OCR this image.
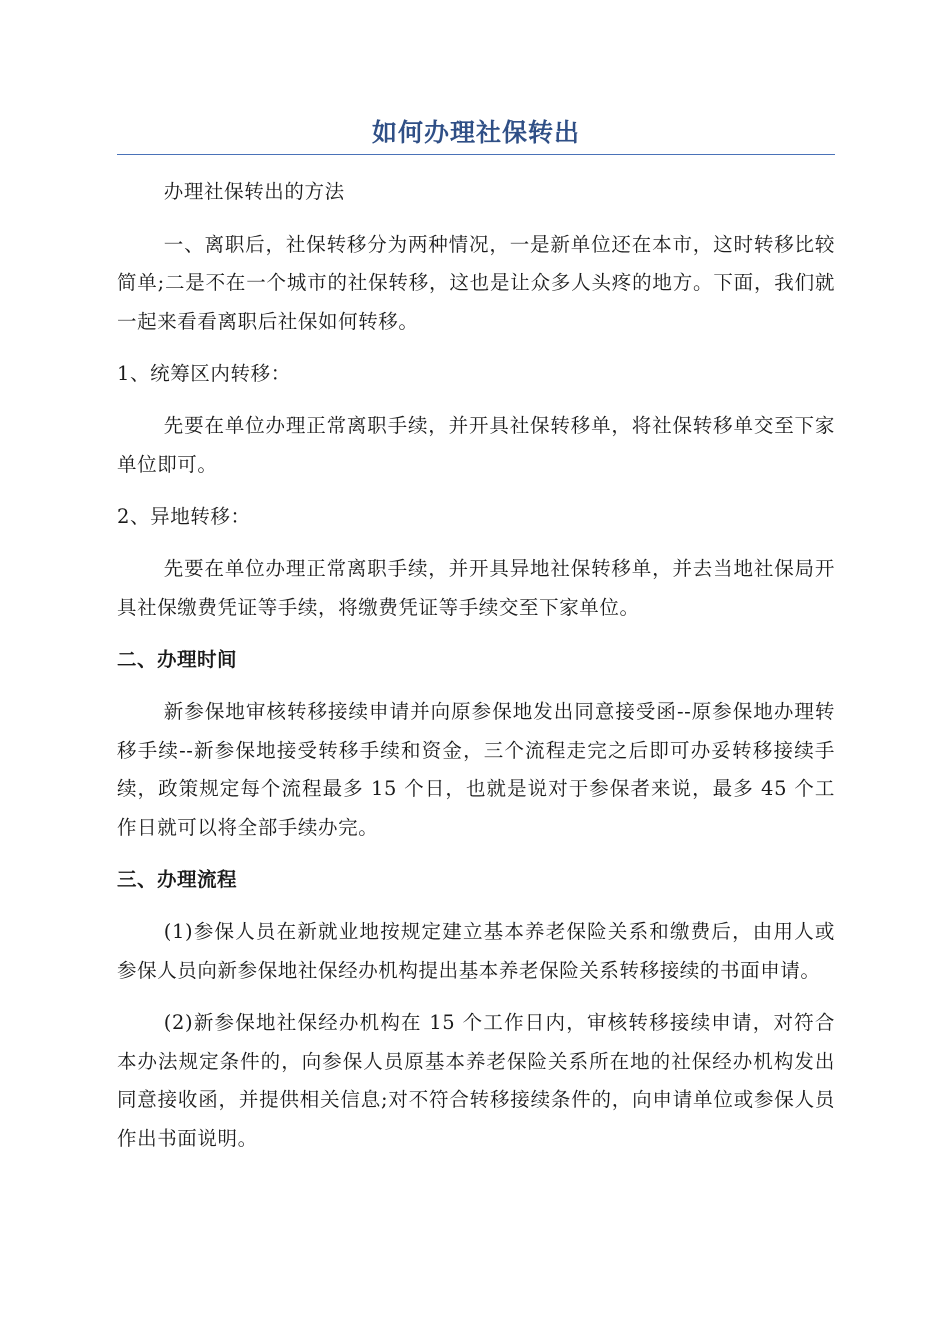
如何办理社保转出

办理社保转出的方法

一、离职后，社保转移分为两种情况，一是新单位还在本市，这时转移比较简单;二是不在一个城市的社保转移，这也是让众多人头疼的地方。下面，我们就一起来看看离职后社保如何转移。

1、统筹区内转移：

先要在单位办理正常离职手续，并开具社保转移单，将社保转移单交至下家单位即可。

2、异地转移：

先要在单位办理正常离职手续，并开具异地社保转移单，并去当地社保局开具社保缴费凭证等手续，将缴费凭证等手续交至下家单位。

二、办理时间

新参保地审核转移接续申请并向原参保地发出同意接受函--原参保地办理转移手续--新参保地接受转移手续和资金，三个流程走完之后即可办妥转移接续手续，政策规定每个流程最多 15 个日，也就是说对于参保者来说，最多 45 个工作日就可以将全部手续办完。

三、办理流程

(1)参保人员在新就业地按规定建立基本养老保险关系和缴费后，由用人或参保人员向新参保地社保经办机构提出基本养老保险关系转移接续的书面申请。

(2)新参保地社保经办机构在 15 个工作日内，审核转移接续申请，对符合本办法规定条件的，向参保人员原基本养老保险关系所在地的社保经办机构发出同意接收函，并提供相关信息;对不符合转移接续条件的，向申请单位或参保人员作出书面说明。
